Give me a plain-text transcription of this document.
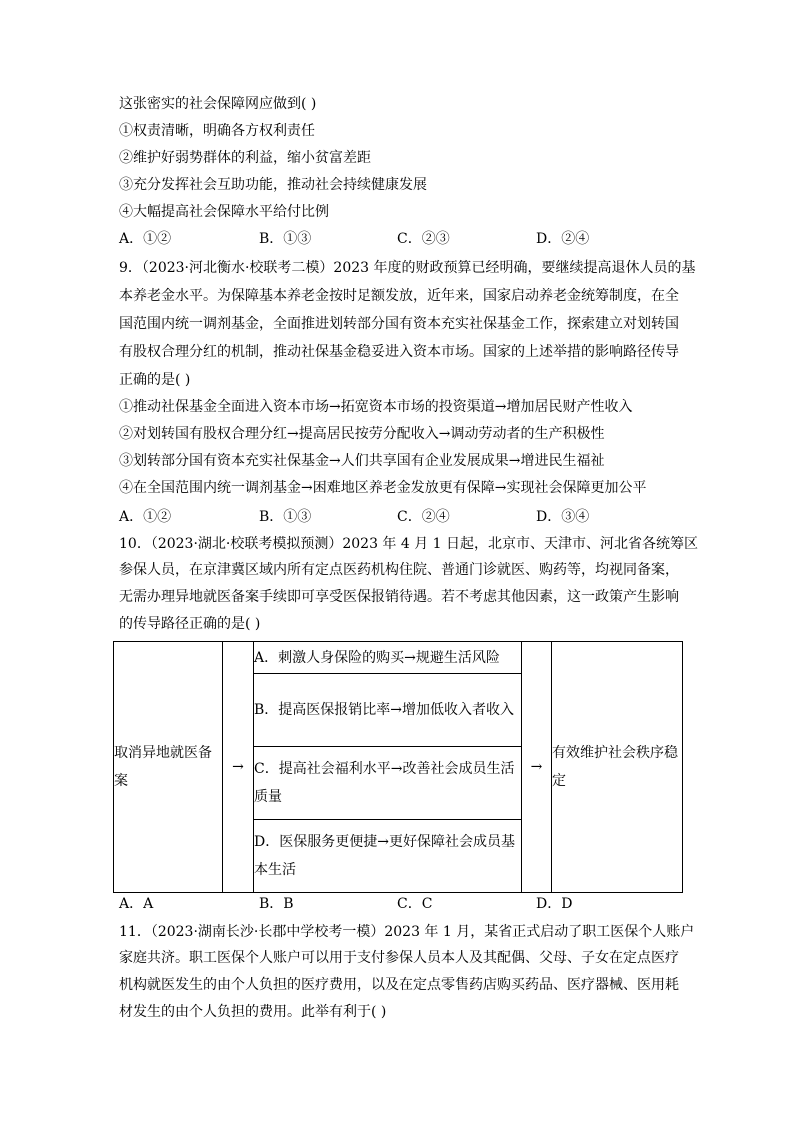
这张密实的社会保障网应做到( )
①权责清晰，明确各方权利责任
②维护好弱势群体的利益，缩小贫富差距
③充分发挥社会互助功能，推动社会持续健康发展
④大幅提高社会保障水平给付比例
A．①②	B．①③	C．②③	D．②④
9．（2023·河北衡水·校联考二模）2023 年度的财政预算已经明确，要继续提高退休人员的基
本养老金水平。为保障基本养老金按时足额发放，近年来，国家启动养老金统筹制度，在全
国范围内统一调剂基金，全面推进划转部分国有资本充实社保基金工作，探索建立对划转国
有股权合理分红的机制，推动社保基金稳妥进入资本市场。国家的上述举措的影响路径传导
正确的是( )
①推动社保基金全面进入资本市场→拓宽资本市场的投资渠道→增加居民财产性收入
②对划转国有股权合理分红→提高居民按劳分配收入→调动劳动者的生产积极性
③划转部分国有资本充实社保基金→人们共享国有企业发展成果→增进民生福祉
④在全国范围内统一调剂基金→困难地区养老金发放更有保障→实现社会保障更加公平
A．①②	B．①③	C．②④	D．③④
10．（2023·湖北·校联考模拟预测）2023 年 4 月 1 日起，北京市、天津市、河北省各统筹区
参保人员，在京津冀区域内所有定点医药机构住院、普通门诊就医、购药等，均视同备案，
无需办理异地就医备案手续即可享受医保报销待遇。若不考虑其他因素，这一政策产生影响
的传导路径正确的是( )
取消异地就医备案	→	A．刺激人身保险的购买→规避生活风险	→	有效维护社会秩序稳定
B．提高医保报销比率→增加低收入者收入
C．提高社会福利水平→改善社会成员生活质量
D．医保服务更便捷→更好保障社会成员基本生活
A．A	B．B	C．C	D．D
11．（2023·湖南长沙·长郡中学校考一模）2023 年 1 月，某省正式启动了职工医保个人账户
家庭共济。职工医保个人账户可以用于支付参保人员本人及其配偶、父母、子女在定点医疗
机构就医发生的由个人负担的医疗费用，以及在定点零售药店购买药品、医疗器械、医用耗
材发生的由个人负担的费用。此举有利于( )
